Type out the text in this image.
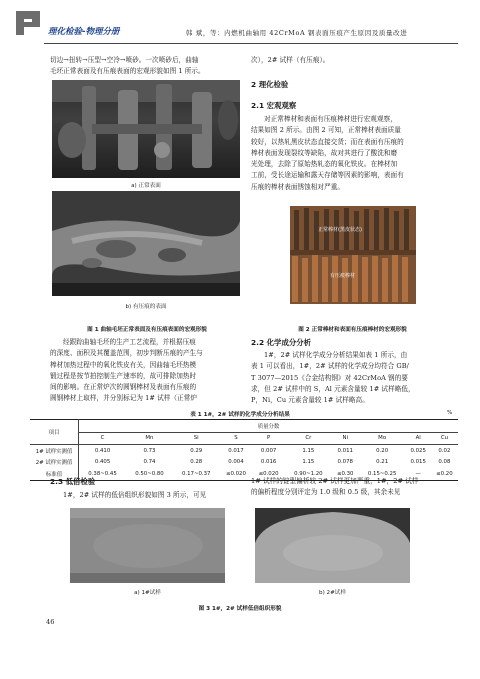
理化检验-物理分册	韩 斌，等：内燃机曲轴用 42CrMoA 钢表面压痕产生原因及质量改进
切边→扭转→压型→空冷→喷砂。一次喷砂后，曲轴
毛坯正常表面及有压痕表面的宏观形貌如图 1 所示。
a) 正常表面
b) 有压痕的表面
图 1 曲轴毛坯正常表面及有压痕表面的宏观形貌
经跟踪曲轴毛坯的生产工艺流程，并根据压痕
的深度、面积及其覆盖范围，初步判断压痕的产生与
棒材加热过程中的氧化铁皮有关，因曲轴毛坯热模
锻过程是按节拍控制生产速率的，故可排除加热时
间的影响。在正常炉次的圆钢棒材及表面有压痕的
圆钢棒材上取样，并分别标记为 1# 试样（正常炉
次），2# 试样（有压痕）。
2 理化检验
2.1 宏观观察
对正常棒材和表面有压痕棒材进行宏观观察，
结果如图 2 所示。由图 2 可知，正常棒材表面质量
较好，以热轧黑皮状态直接交货；而在表面有压痕的
棒材表面发现裂纹等缺陷，故对其进行了酸洗和磨
光处理，去除了原始热轧态的氧化铁皮。在棒材加
工前，受长途运输和露天存储等因素的影响，表面有
压痕的棒材表面锈蚀相对严重。
正常棒材(黑皮状态)
有压痕棒材
图 2 正常棒材和表面有压痕棒材的宏观形貌
2.2 化学成分分析
1#，2# 试样化学成分分析结果如表 1 所示，由
表 1 可以看出，1#，2# 试样的化学成分均符合 GB/
T 3077—2015《合金结构钢》对 42CrMoA 钢的要
求，但 2# 试样中的 S，Al 元素含量较 1# 试样略低，
P，Ni，Cu 元素含量较 1# 试样略高。
表 1 1#，2# 试样的化学成分分析结果	%
项目	质量分数									
	C	Mn	Si	S	P	Cr	Ni	Mo	Al	Cu
1# 试样实测值	0.410	0.73	0.29	0.017	0.007	1.15	0.011	0.20	0.025	0.02
2# 试样实测值	0.405	0.74	0.28	0.004	0.016	1.15	0.078	0.21	0.015	0.08
标准值	0.38~0.45	0.50~0.80	0.17~0.37	≤0.020	≤0.020	0.90~1.20	≤0.30	0.15~0.25	—	≤0.20
2.3 低倍检验
1#，2# 试样的低倍组织形貌如图 3 所示，可见
1# 试样的锭型偏析较 2# 试样更加严重，1#，2# 试样
的偏析程度分别评定为 1.0 级和 0.5 级，其余未见
a) 1#试样	b) 2#试样
图 3 1#，2# 试样低倍组织形貌
46
